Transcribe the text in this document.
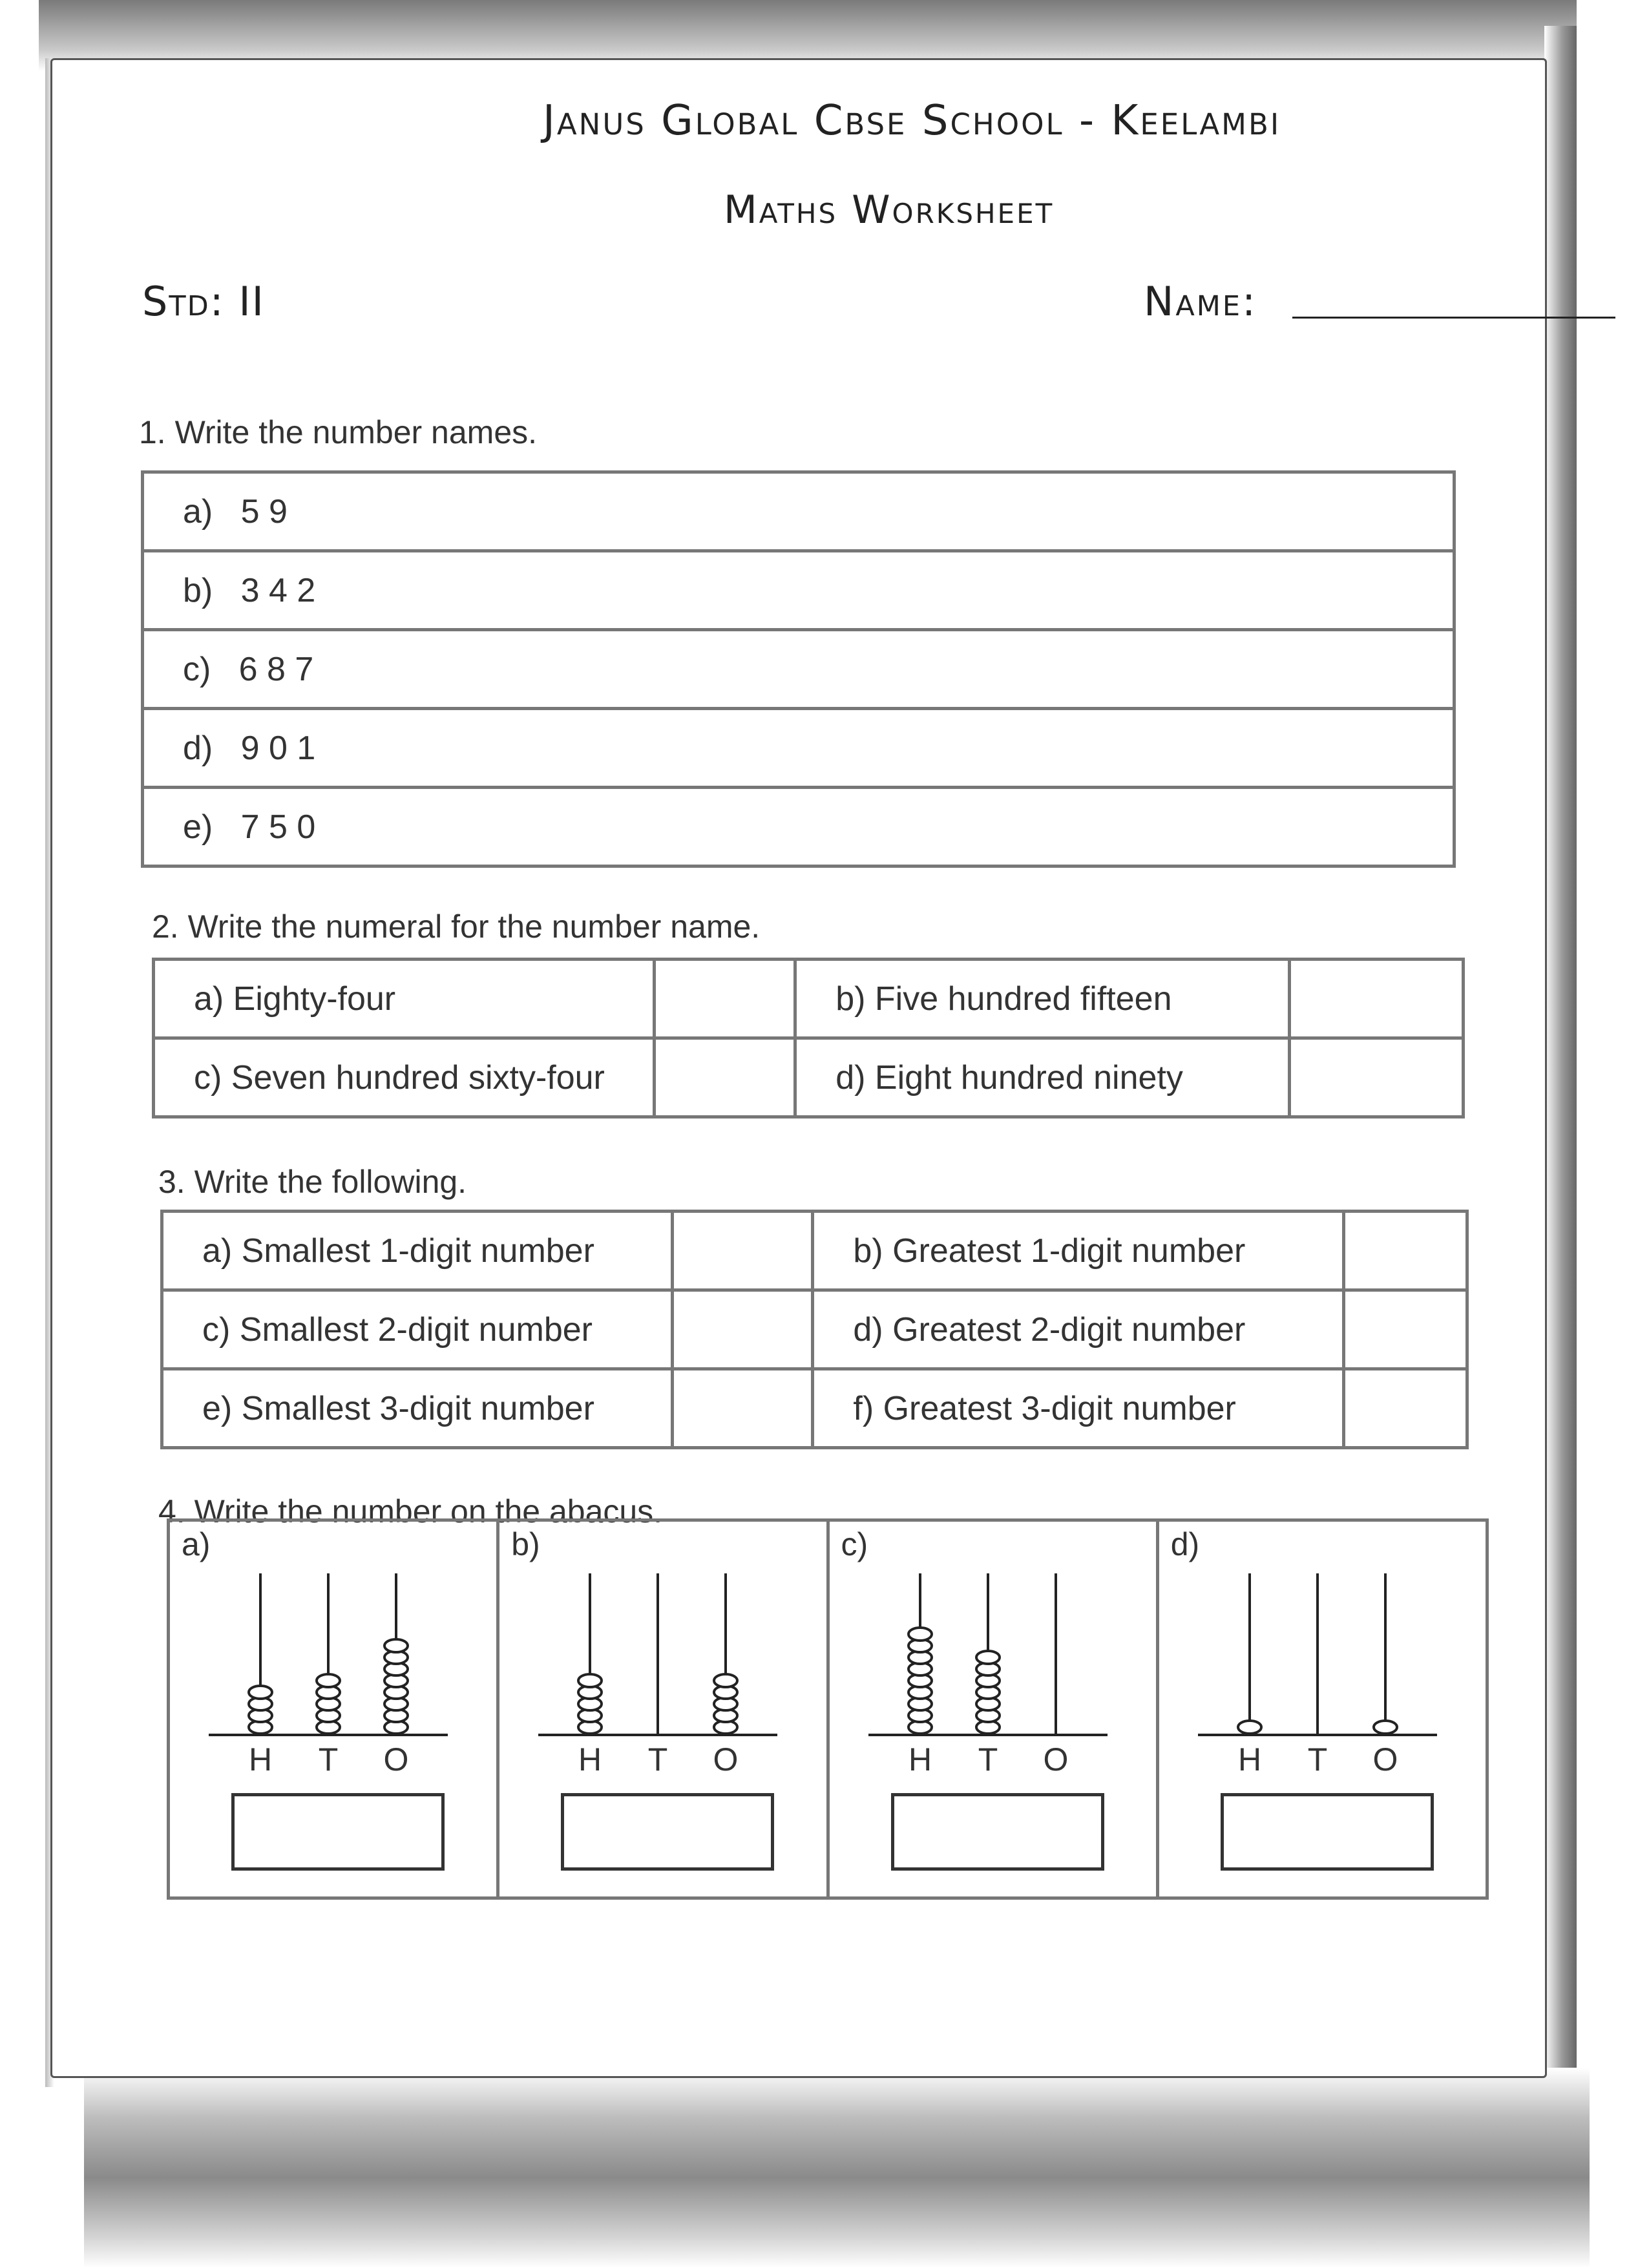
Janus Global Cbse School - Keelambi
Maths Worksheet
Std: II	Name:
1. Write the number names.
a) 5 9
b) 3 4 2
c) 6 8 7
d) 9 0 1
e) 7 5 0
2. Write the numeral for the number name.
a) Eighty-four		b) Five hundred fifteen	
c) Seven hundred sixty-four		d) Eight hundred ninety	
3. Write the following.
a) Smallest 1-digit number		b) Greatest 1-digit number	
c) Smallest 2-digit number		d) Greatest 2-digit number	
e) Smallest 3-digit number		f) Greatest 3-digit number	
4. Write the number on the abacus.
a)
H T O
b)
H T O
c)
H T O
d)
H T O
